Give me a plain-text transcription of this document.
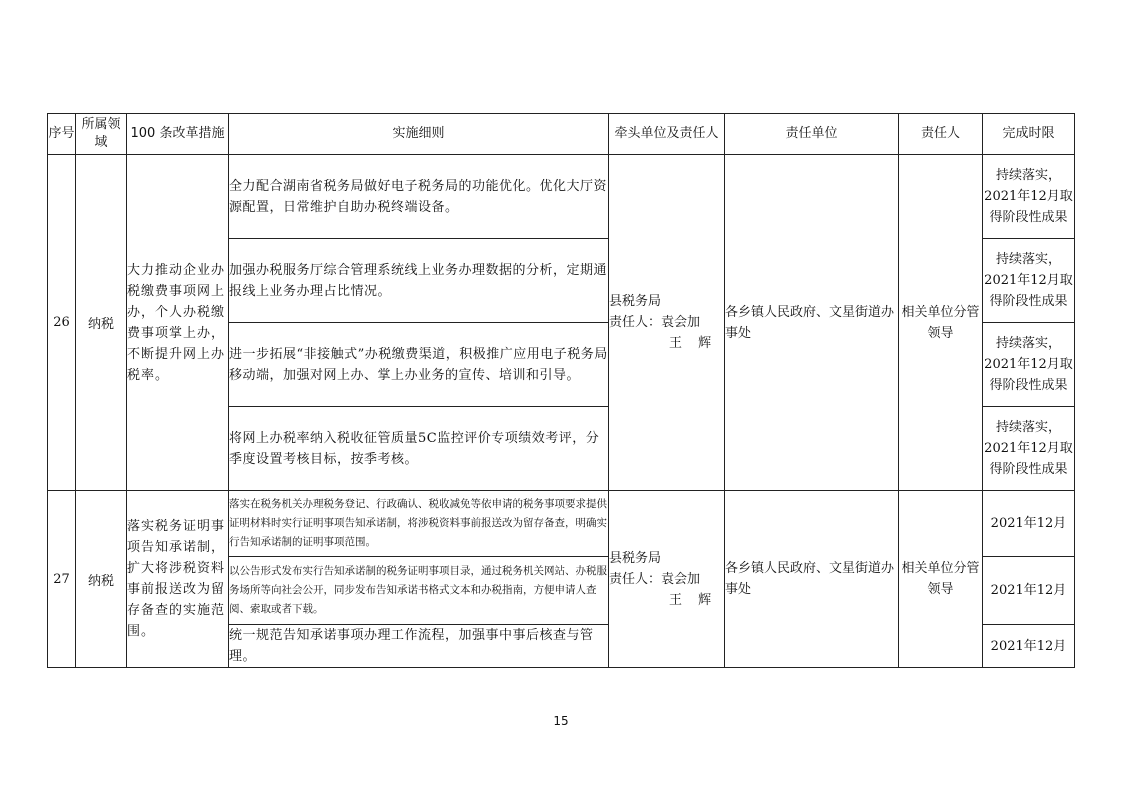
序号	所属领域	100 条改革措施	实施细则	牵头单位及责任人	责任单位	责任人	完成时限
26	纳税	大力推动企业办税缴费事项网上办，个人办税缴费事项掌上办，不断提升网上办税率。	全力配合湖南省税务局做好电子税务局的功能优化。优化大厅资源配置，日常维护自助办税终端设备。	县税务局
责任人：袁会加
王 辉	各乡镇人民政府、文星街道办事处	相关单位分管领导	持续落实，2021年12月取得阶段性成果
			加强办税服务厅综合管理系统线上业务办理数据的分析，定期通报线上业务办理占比情况。				持续落实，2021年12月取得阶段性成果
			进一步拓展“非接触式”办税缴费渠道，积极推广应用电子税务局移动端，加强对网上办、掌上办业务的宣传、培训和引导。				持续落实，2021年12月取得阶段性成果
			将网上办税率纳入税收征管质量5C监控评价专项绩效考评，分季度设置考核目标，按季考核。				持续落实，2021年12月取得阶段性成果
27	纳税	落实税务证明事项告知承诺制，扩大将涉税资料事前报送改为留存备查的实施范围。	落实在税务机关办理税务登记、行政确认、税收减免等依申请的税务事项要求提供证明材料时实行证明事项告知承诺制，将涉税资料事前报送改为留存备查，明确实行告知承诺制的证明事项范围。	县税务局
责任人：袁会加
王 辉	各乡镇人民政府、文星街道办事处	相关单位分管领导	2021年12月
			以公告形式发布实行告知承诺制的税务证明事项目录，通过税务机关网站、办税服务场所等向社会公开，同步发布告知承诺书格式文本和办税指南，方便申请人查阅、索取或者下载。				2021年12月
			统一规范告知承诺事项办理工作流程，加强事中事后核查与管理。				2021年12月
15
